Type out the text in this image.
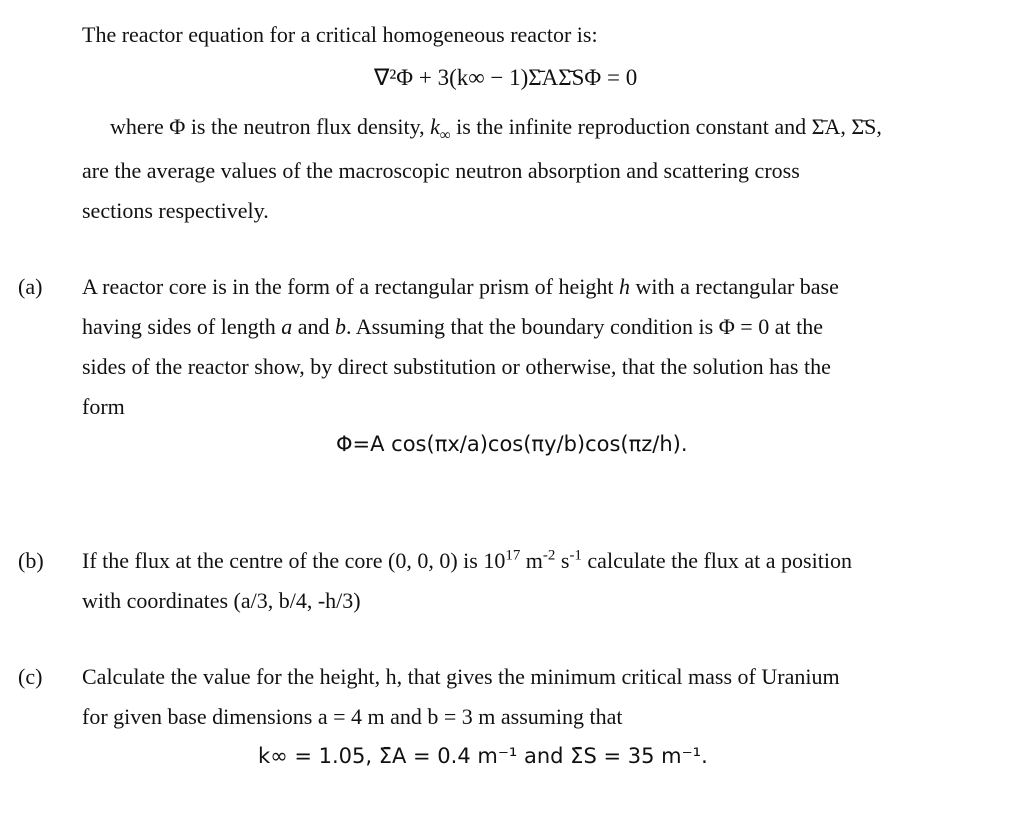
The reactor equation for a critical homogeneous reactor is:
∇²Φ + 3(k∞ − 1)Σ̄AΣ̄SΦ = 0
where Φ is the neutron flux density, $k_\infty$ is the infinite reproduction constant and Σ̄A, Σ̄S,
are the average values of the macroscopic neutron absorption and scattering cross
sections respectively.
(a) A reactor core is in the form of a rectangular prism of height h with a rectangular base
having sides of length a and b. Assuming that the boundary condition is Φ = 0 at the
sides of the reactor show, by direct substitution or otherwise, that the solution has the
form
Φ=A cos(πx/a)cos(πy/b)cos(πz/h).
(b) If the flux at the centre of the core (0, 0, 0) is $10^{17}$ $m^{-2}$ $s^{-1}$ calculate the flux at a position
with coordinates (a/3, b/4, -h/3)
(c) Calculate the value for the height, h, that gives the minimum critical mass of Uranium
for given base dimensions a = 4 m and b = 3 m assuming that
k∞ = 1.05, Σ̄A = 0.4 m⁻¹ and Σ̄S = 35 m⁻¹.
